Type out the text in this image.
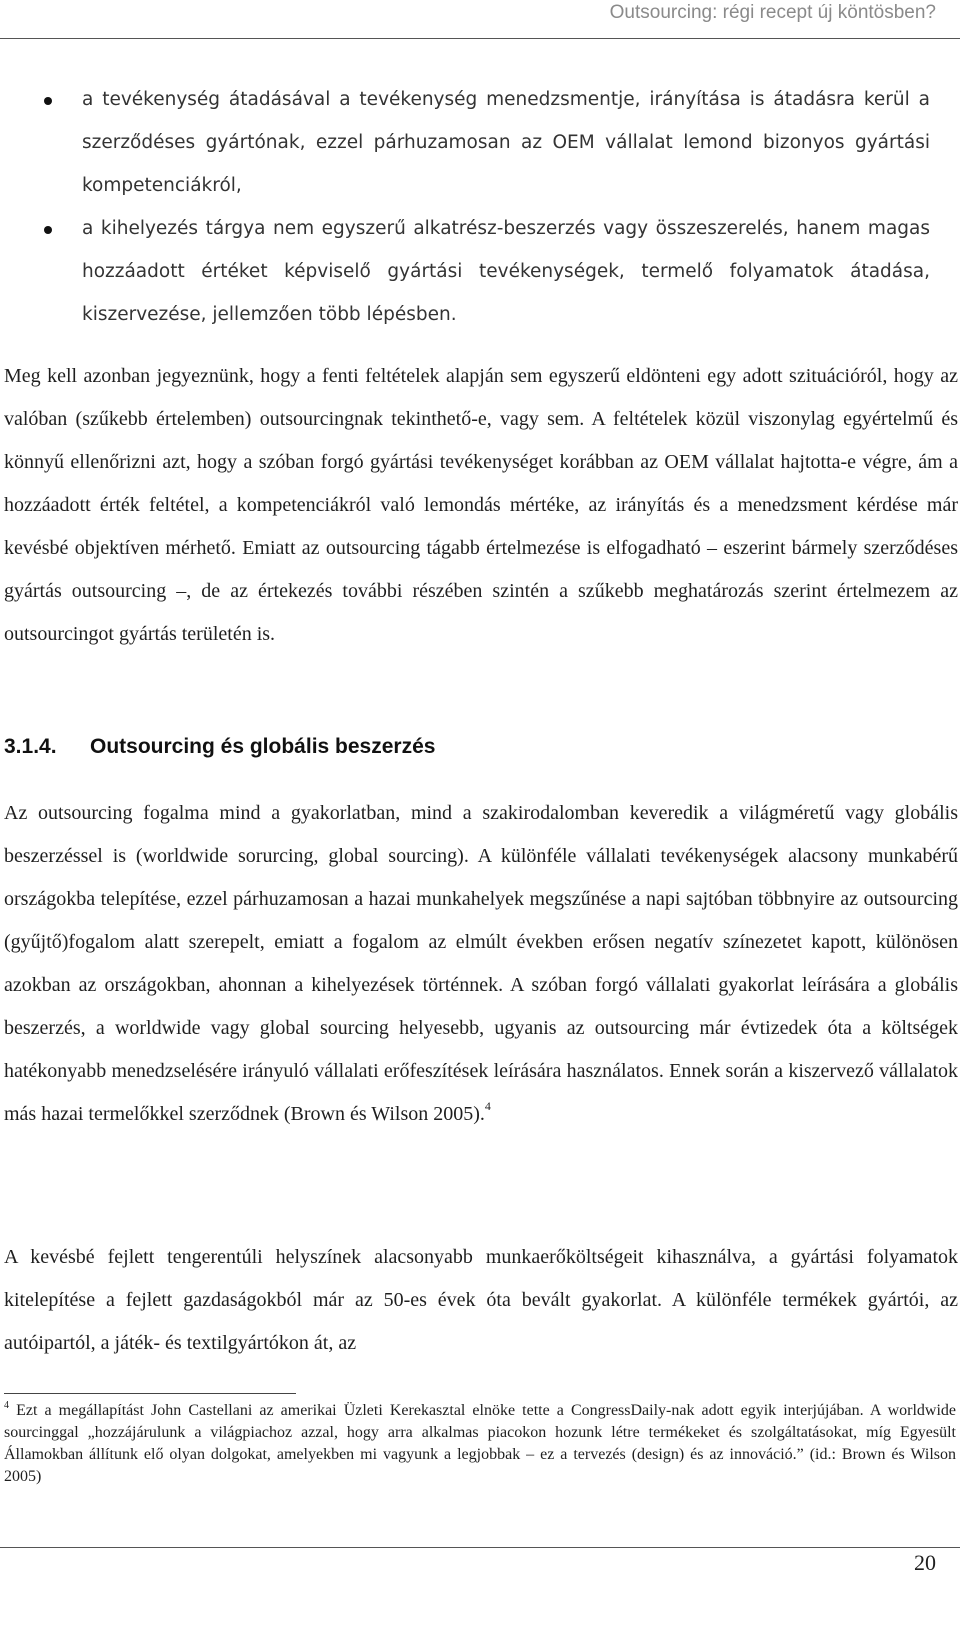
Outsourcing: régi recept új köntösben?
a tevékenység átadásával a tevékenység menedzsmentje, irányítása is átadásra kerül a szerződéses gyártónak, ezzel párhuzamosan az OEM vállalat lemond bizonyos gyártási kompetenciákról,
a kihelyezés tárgya nem egyszerű alkatrész-beszerzés vagy összeszerelés, hanem magas hozzáadott értéket képviselő gyártási tevékenységek, termelő folyamatok átadása, kiszervezése, jellemzően több lépésben.

Meg kell azonban jegyeznünk, hogy a fenti feltételek alapján sem egyszerű eldönteni egy adott szituációról, hogy az valóban (szűkebb értelemben) outsourcingnak tekinthető-e, vagy sem. A feltételek közül viszonylag egyértelmű és könnyű ellenőrizni azt, hogy a szóban forgó gyártási tevékenységet korábban az OEM vállalat hajtotta-e végre, ám a hozzáadott érték feltétel, a kompetenciákról való lemondás mértéke, az irányítás és a menedzsment kérdése már kevésbé objektíven mérhető. Emiatt az outsourcing tágabb értelmezése is elfogadható – eszerint bármely szerződéses gyártás outsourcing –, de az értekezés további részében szintén a szűkebb meghatározás szerint értelmezem az outsourcingot gyártás területén is.

3.1.4. Outsourcing és globális beszerzés

Az outsourcing fogalma mind a gyakorlatban, mind a szakirodalomban keveredik a világméretű vagy globális beszerzéssel is (worldwide sorurcing, global sourcing). A különféle vállalati tevékenységek alacsony munkabérű országokba telepítése, ezzel párhuzamosan a hazai munkahelyek megszűnése a napi sajtóban többnyire az outsourcing (gyűjtő)fogalom alatt szerepelt, emiatt a fogalom az elmúlt években erősen negatív színezetet kapott, különösen azokban az országokban, ahonnan a kihelyezések történnek. A szóban forgó vállalati gyakorlat leírására a globális beszerzés, a worldwide vagy global sourcing helyesebb, ugyanis az outsourcing már évtizedek óta a költségek hatékonyabb menedzselésére irányuló vállalati erőfeszítések leírására használatos. Ennek során a kiszervező vállalatok más hazai termelőkkel szerződnek (Brown és Wilson 2005).$^4$

A kevésbé fejlett tengerentúli helyszínek alacsonyabb munkaerőköltségeit kihasználva, a gyártási folyamatok kitelepítése a fejlett gazdaságokból már az 50-es évek óta bevált gyakorlat. A különféle termékek gyártói, az autóipartól, a játék- és textilgyártókon át, az

$^4$ Ezt a megállapítást John Castellani az amerikai Üzleti Kerekasztal elnöke tette a CongressDaily-nak adott egyik interjújában. A worldwide sourcinggal „hozzájárulunk a világpiachoz azzal, hogy arra alkalmas piacokon hozunk létre termékeket és szolgáltatásokat, míg Egyesült Államokban állítunk elő olyan dolgokat, amelyekben mi vagyunk a legjobbak – ez a tervezés (design) és az innováció.” (id.: Brown és Wilson 2005)

20
